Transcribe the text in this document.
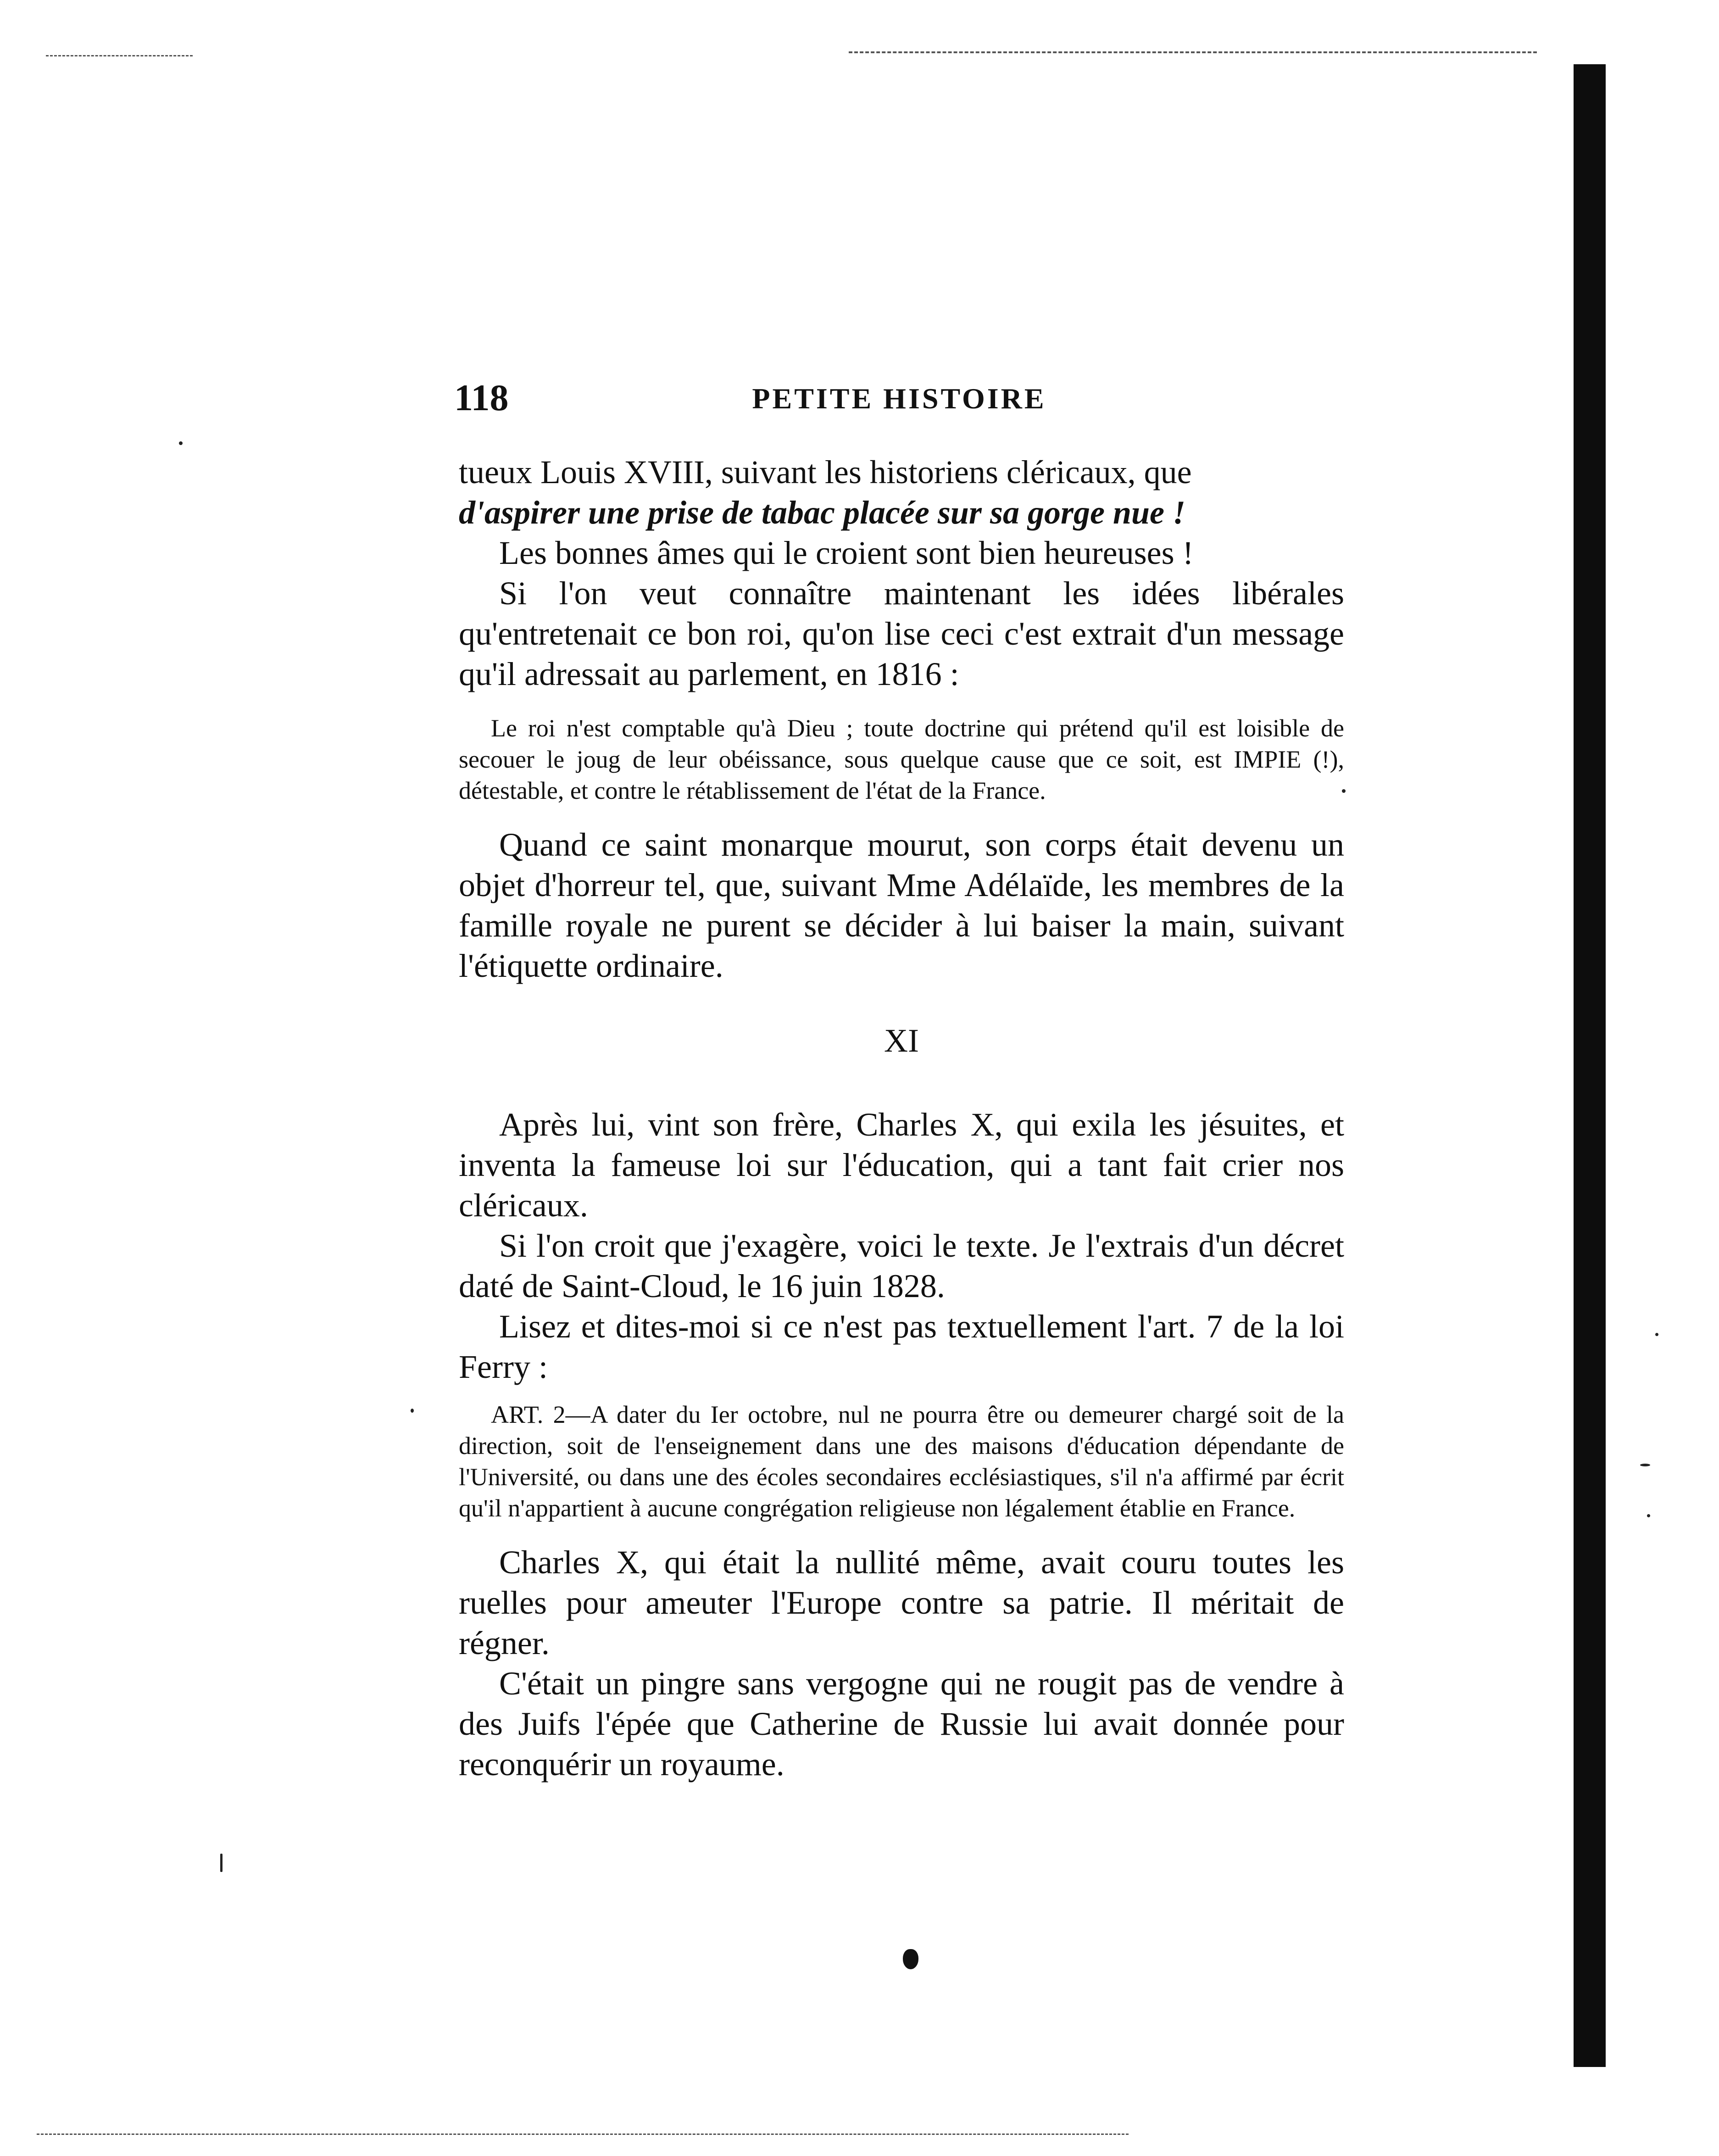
118	PETITE HISTOIRE

tueux Louis XVIII, suivant les historiens cléricaux, que

d'aspirer une prise de tabac placée sur sa gorge nue !

Les bonnes âmes qui le croient sont bien heureuses !

Si l'on veut connaître maintenant les idées libérales qu'entretenait ce bon roi, qu'on lise ceci c'est extrait d'un message qu'il adressait au parlement, en 1816 :

Le roi n'est comptable qu'à Dieu ; toute doctrine qui prétend qu'il est loisible de secouer le joug de leur obéissance, sous quelque cause que ce soit, est IMPIE (!), détestable, et contre le rétablissement de l'état de la France.

Quand ce saint monarque mourut, son corps était devenu un objet d'horreur tel, que, suivant Mme Adélaïde, les membres de la famille royale ne purent se décider à lui baiser la main, suivant l'étiquette ordinaire.

XI

Après lui, vint son frère, Charles X, qui exila les jésuites, et inventa la fameuse loi sur l'éducation, qui a tant fait crier nos cléricaux.

Si l'on croit que j'exagère, voici le texte. Je l'extrais d'un décret daté de Saint-Cloud, le 16 juin 1828.

Lisez et dites-moi si ce n'est pas textuellement l'art. 7 de la loi Ferry :

ART. 2—A dater du Ier octobre, nul ne pourra être ou demeurer chargé soit de la direction, soit de l'enseignement dans une des maisons d'éducation dépendante de l'Université, ou dans une des écoles secondaires ecclésiastiques, s'il n'a affirmé par écrit qu'il n'appartient à aucune congrégation religieuse non légalement établie en France.

Charles X, qui était la nullité même, avait couru toutes les ruelles pour ameuter l'Europe contre sa patrie. Il méritait de régner.

C'était un pingre sans vergogne qui ne rougit pas de vendre à des Juifs l'épée que Catherine de Russie lui avait donnée pour reconquérir un royaume.
